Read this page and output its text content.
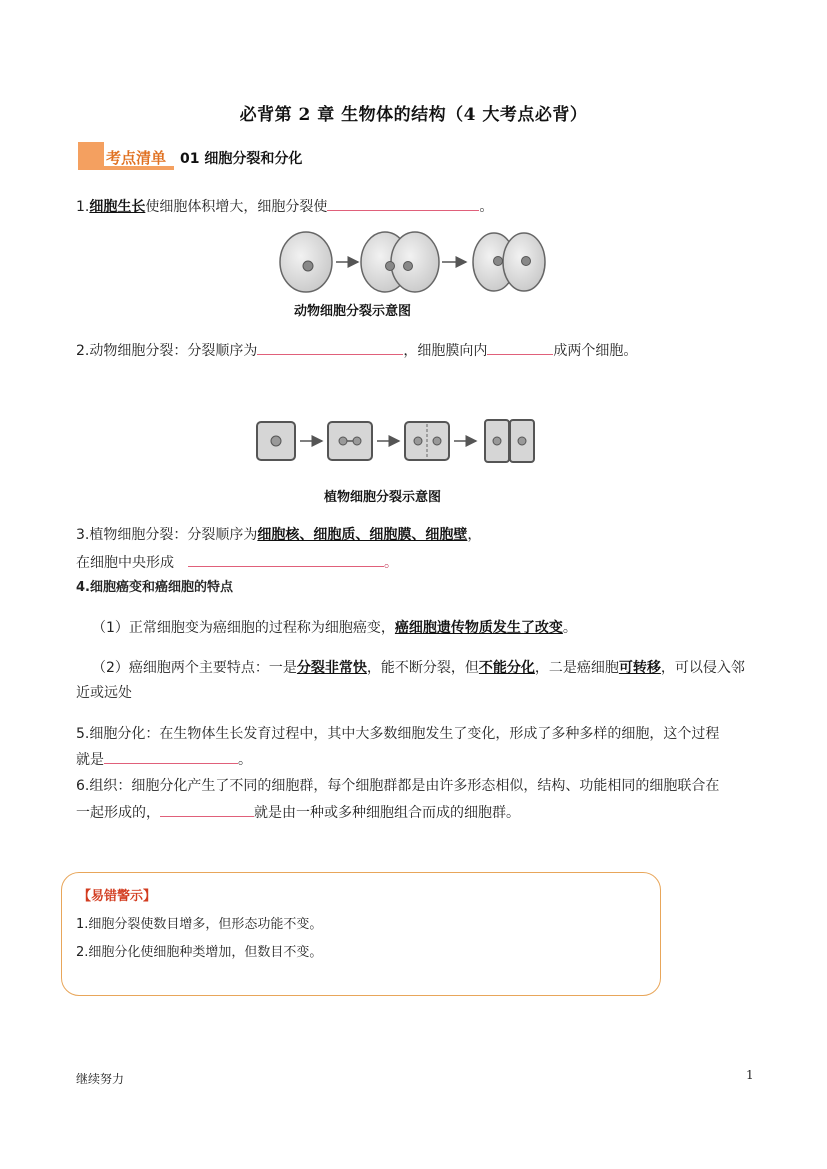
必背第 2 章 生物体的结构（4 大考点必背）
考点清单 01 细胞分裂和分化
1.细胞生长使细胞体积增大，细胞分裂使	。
动物细胞分裂示意图
2.动物细胞分裂：分裂顺序为	，细胞膜向内	成两个细胞。
植物细胞分裂示意图
3.植物细胞分裂：分裂顺序为细胞核、细胞质、细胞膜、细胞壁，
在细胞中央形成	。
4.细胞癌变和癌细胞的特点
（1）正常细胞变为癌细胞的过程称为细胞癌变，癌细胞遗传物质发生了改变。
（2）癌细胞两个主要特点：一是分裂非常快，能不断分裂，但不能分化，二是癌细胞可转移，可以侵入邻
近或远处
5.细胞分化：在生物体生长发育过程中，其中大多数细胞发生了变化，形成了多种多样的细胞，这个过程
就是	。
6.组织：细胞分化产生了不同的细胞群，每个细胞群都是由许多形态相似，结构、功能相同的细胞联合在
一起形成的，	就是由一种或多种细胞组合而成的细胞群。
【易错警示】
1.细胞分裂使数目增多，但形态功能不变。
2.细胞分化使细胞种类增加，但数目不变。
继续努力	1
